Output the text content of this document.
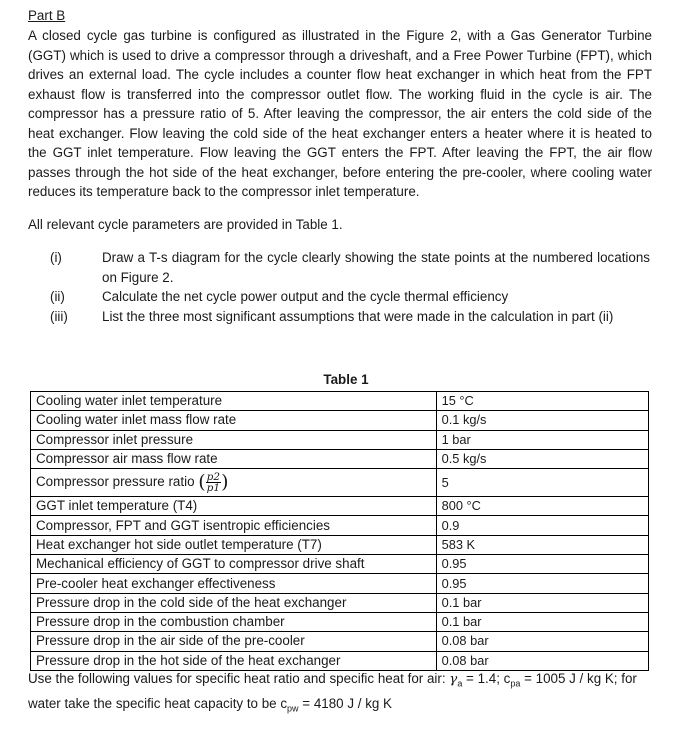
Part B

A closed cycle gas turbine is configured as illustrated in the Figure 2, with a Gas Generator Turbine (GGT) which is used to drive a compressor through a driveshaft, and a Free Power Turbine (FPT), which drives an external load. The cycle includes a counter flow heat exchanger in which heat from the FPT exhaust flow is transferred into the compressor outlet flow. The working fluid in the cycle is air. The compressor has a pressure ratio of 5. After leaving the compressor, the air enters the cold side of the heat exchanger. Flow leaving the cold side of the heat exchanger enters a heater where it is heated to the GGT inlet temperature. Flow leaving the GGT enters the FPT. After leaving the FPT, the air flow passes through the hot side of the heat exchanger, before entering the pre-cooler, where cooling water reduces its temperature back to the compressor inlet temperature.

All relevant cycle parameters are provided in Table 1.

(i)	Draw a T-s diagram for the cycle clearly showing the state points at the numbered locations on Figure 2.
(ii)	Calculate the net cycle power output and the cycle thermal efficiency
(iii)	List the three most significant assumptions that were made in the calculation in part (ii)
Table 1
Cooling water inlet temperature	15 °C
Cooling water inlet mass flow rate	0.1 kg/s
Compressor inlet pressure	1 bar
Compressor air mass flow rate	0.5 kg/s
Compressor pressure ratio ( $\frac{p2}{p1}$ )	5
GGT inlet temperature (T4)	800 °C
Compressor, FPT and GGT isentropic efficiencies	0.9
Heat exchanger hot side outlet temperature (T7)	583 K
Mechanical efficiency of GGT to compressor drive shaft	0.95
Pre-cooler heat exchanger effectiveness	0.95
Pressure drop in the cold side of the heat exchanger	0.1 bar
Pressure drop in the combustion chamber	0.1 bar
Pressure drop in the air side of the pre-cooler	0.08 bar
Pressure drop in the hot side of the heat exchanger	0.08 bar

Use the following values for specific heat ratio and specific heat for air: $\gamma_a = 1.4$; $c_{pa} = 1005$ J / kg K; for water take the specific heat capacity to be $c_{pw} = 4180$ J / kg K
